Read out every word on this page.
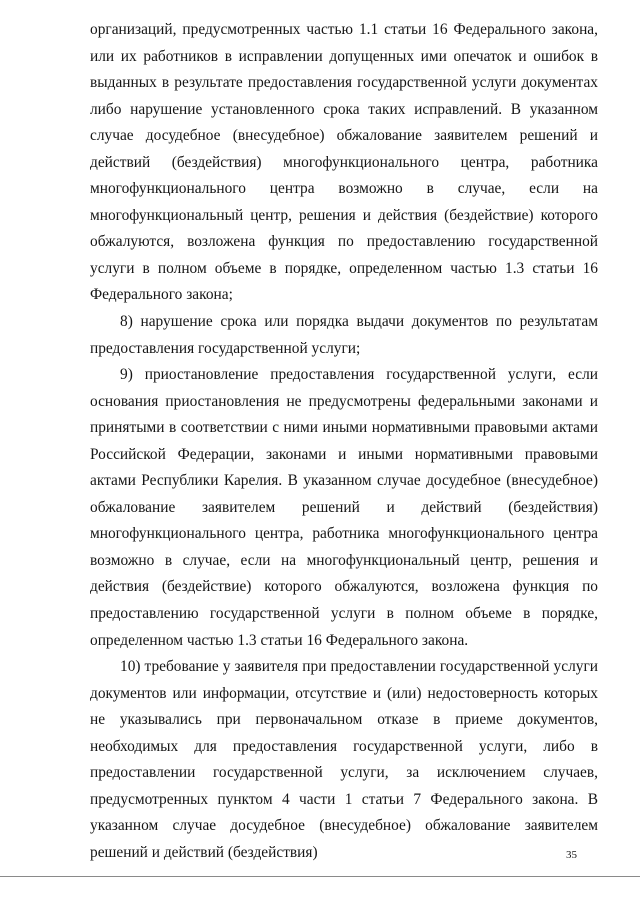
организаций, предусмотренных частью 1.1 статьи 16 Федерального закона, или их работников в исправлении допущенных ими опечаток и ошибок в выданных в результате предоставления государственной услуги документах либо нарушение установленного срока таких исправлений. В указанном случае досудебное (внесудебное) обжалование заявителем решений и действий (бездействия) многофункционального центра, работника многофункционального центра возможно в случае, если на многофункциональный центр, решения и действия (бездействие) которого обжалуются, возложена функция по предоставлению государственной услуги в полном объеме в порядке, определенном частью 1.3 статьи 16 Федерального закона;

8) нарушение срока или порядка выдачи документов по результатам предоставления государственной услуги;

9) приостановление предоставления государственной услуги, если основания приостановления не предусмотрены федеральными законами и принятыми в соответствии с ними иными нормативными правовыми актами Российской Федерации, законами и иными нормативными правовыми актами Республики Карелия. В указанном случае досудебное (внесудебное) обжалование заявителем решений и действий (бездействия) многофункционального центра, работника многофункционального центра возможно в случае, если на многофункциональный центр, решения и действия (бездействие) которого обжалуются, возложена функция по предоставлению государственной услуги в полном объеме в порядке, определенном частью 1.3 статьи 16 Федерального закона.

10) требование у заявителя при предоставлении государственной услуги документов или информации, отсутствие и (или) недостоверность которых не указывались при первоначальном отказе в приеме документов, необходимых для предоставления государственной услуги, либо в предоставлении государственной услуги, за исключением случаев, предусмотренных пунктом 4 части 1 статьи 7 Федерального закона. В указанном случае досудебное (внесудебное) обжалование заявителем решений и действий (бездействия)	35
